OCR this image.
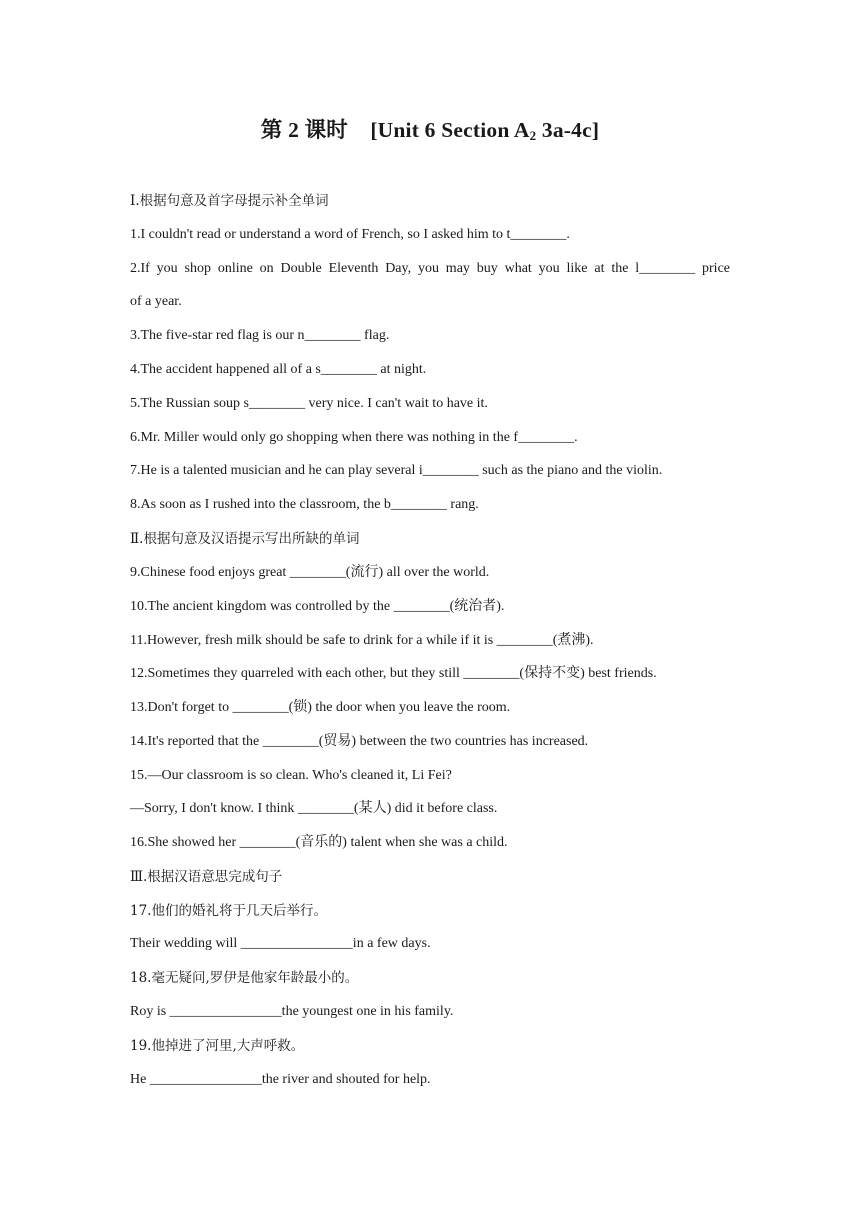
第 2 课时 [Unit 6 Section $A_2$ 3a-4c]
Ⅰ.根据句意及首字母提示补全单词
1.I couldn't read or understand a word of French, so I asked him to t________.
2.If you shop online on Double Eleventh Day, you may buy what you like at the l________ price
of a year.
3.The five-star red flag is our n________ flag.
4.The accident happened all of a s________ at night.
5.The Russian soup s________ very nice. I can't wait to have it.
6.Mr. Miller would only go shopping when there was nothing in the f________.
7.He is a talented musician and he can play several i________ such as the piano and the violin.
8.As soon as I rushed into the classroom, the b________ rang.
Ⅱ.根据句意及汉语提示写出所缺的单词
9.Chinese food enjoys great ________(流行) all over the world.
10.The ancient kingdom was controlled by the ________(统治者).
11.However, fresh milk should be safe to drink for a while if it is ________(煮沸).
12.Sometimes they quarreled with each other, but they still ________(保持不变) best friends.
13.Don't forget to ________(锁) the door when you leave the room.
14.It's reported that the ________(贸易) between the two countries has increased.
15.—Our classroom is so clean. Who's cleaned it, Li Fei?
—Sorry, I don't know. I think ________(某人) did it before class.
16.She showed her ________(音乐的) talent when she was a child.
Ⅲ.根据汉语意思完成句子
17.他们的婚礼将于几天后举行。
Their wedding will ________________in a few days.
18.毫无疑问,罗伊是他家年龄最小的。
Roy is ________________the youngest one in his family.
19.他掉进了河里,大声呼救。
He ________________the river and shouted for help.
